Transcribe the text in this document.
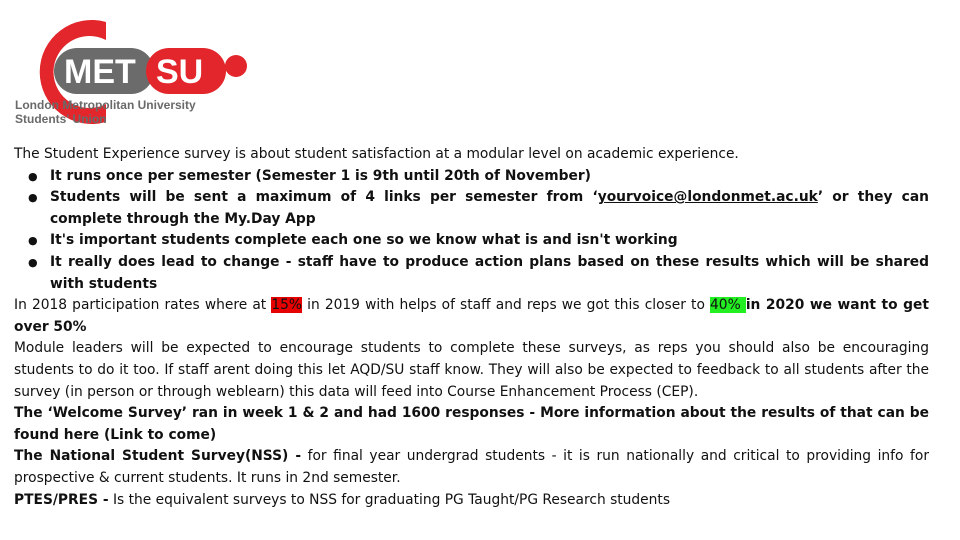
MET SU
London Metropolitan University
Students' Union

The Student Experience survey is about student satisfaction at a modular level on academic experience.

● It runs once per semester (Semester 1 is 9th until 20th of November)
● Students will be sent a maximum of 4 links per semester from ‘yourvoice@londonmet.ac.uk’ or they can complete through the My.Day App
● It's important students complete each one so we know what is and isn't working
● It really does lead to change - staff have to produce action plans based on these results which will be shared with students

In 2018 participation rates where at 15% in 2019 with helps of staff and reps we got this closer to 40% in 2020 we want to get over 50%

Module leaders will be expected to encourage students to complete these surveys, as reps you should also be encouraging students to do it too. If staff arent doing this let AQD/SU staff know. They will also be expected to feedback to all students after the survey (in person or through weblearn) this data will feed into Course Enhancement Process (CEP).

The ‘Welcome Survey’ ran in week 1 & 2 and had 1600 responses - More information about the results of that can be found here (Link to come)

The National Student Survey(NSS) - for final year undergrad students - it is run nationally and critical to providing info for prospective & current students. It runs in 2nd semester.

PTES/PRES - Is the equivalent surveys to NSS for graduating PG Taught/PG Research students
